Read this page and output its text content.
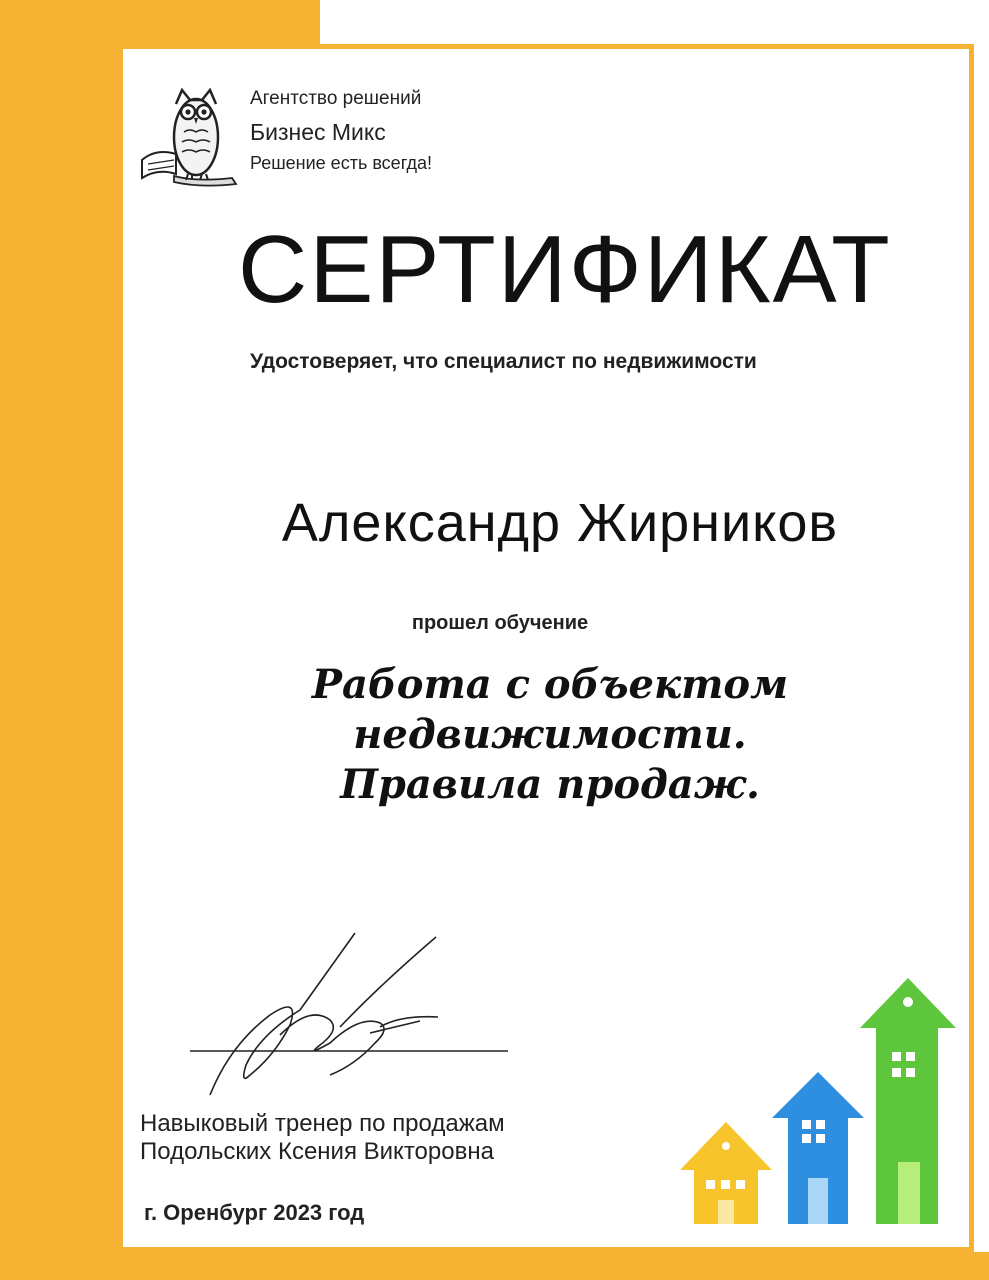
Агентство решений
Бизнес Микс
Решение есть всегда!
СЕРТИФИКАТ
Удостоверяет, что специалист по недвижимости
Александр Жирников
прошел обучение
Работа с объектом недвижимости.
Правила продаж.
Навыковый тренер по продажам
Подольских Ксения Викторовна
г. Оренбург 2023 год
